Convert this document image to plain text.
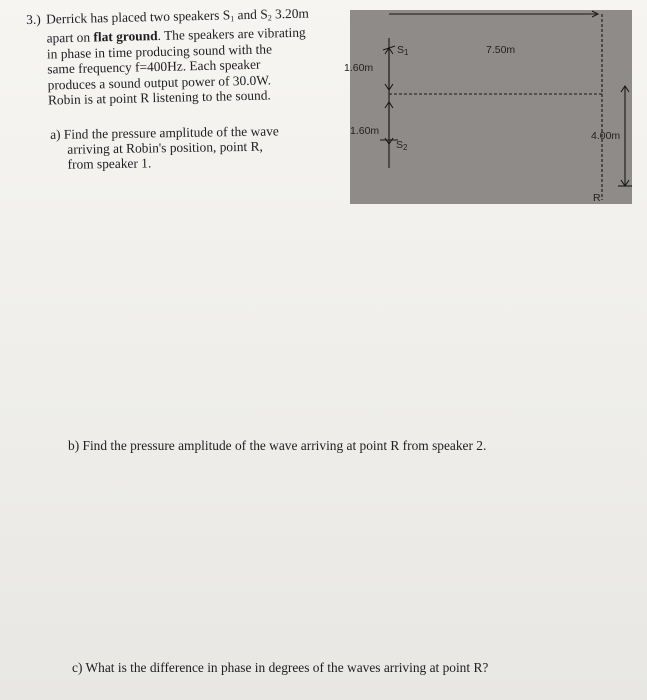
3.) Derrick has placed two speakers $S_1$ and $S_2$ 3.20m
apart on flat ground. The speakers are vibrating
in phase in time producing sound with the
same frequency f=400Hz. Each speaker
produces a sound output power of 30.0W.
Robin is at point R listening to the sound.
a) Find the pressure amplitude of the wave
arriving at Robin's position, point R,
from speaker 1.
$S_1$
$S_2$
1.60m
1.60m
7.50m
4.00m
R
b) Find the pressure amplitude of the wave arriving at point R from speaker 2.
c) What is the difference in phase in degrees of the waves arriving at point R?
